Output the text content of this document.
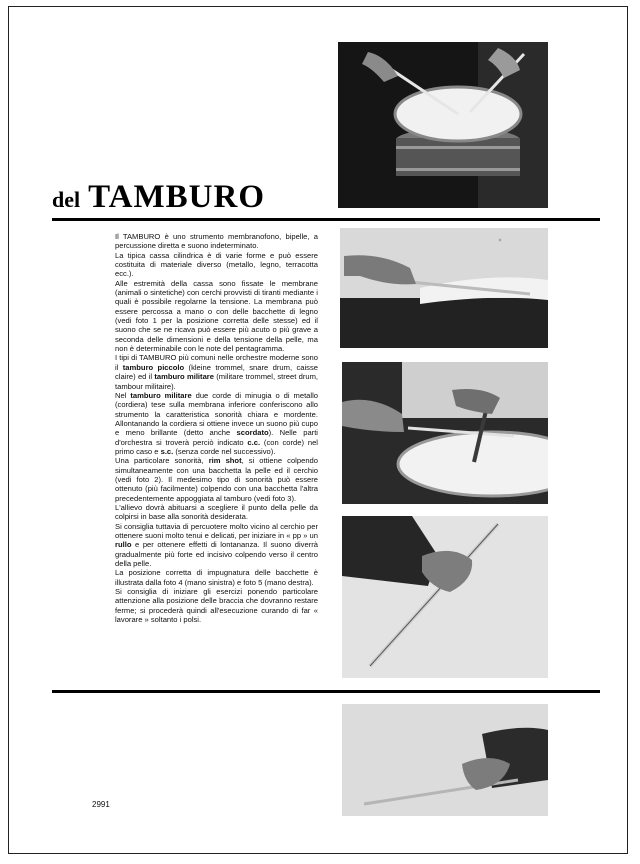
del TAMBURO

Il TAMBURO è uno strumento membranofono, bipelle, a percussione diretta e suono indeterminato.

La tipica cassa cilindrica è di varie forme e può essere costituita di materiale diverso (metallo, legno, terracotta ecc.).

Alle estremità della cassa sono fissate le membrane (animali o sintetiche) con cerchi provvisti di tiranti mediante i quali è possibile regolarne la tensione. La membrana può essere percossa a mano o con delle bacchette di legno (vedi foto 1 per la posizione corretta delle stesse) ed il suono che se ne ricava può essere più acuto o più grave a seconda delle dimensioni e della tensione della pelle, ma non è determinabile con le note del pentagramma.

I tipi di TAMBURO più comuni nelle orchestre moderne sono il tamburo piccolo (kleine trommel, snare drum, caisse claire) ed il tamburo militare (militare trommel, street drum, tambour militaire).

Nel tamburo militare due corde di minugia o di metallo (cordiera) tese sulla membrana inferiore conferiscono allo strumento la caratteristica sonorità chiara e mordente. Allontanando la cordiera si ottiene invece un suono più cupo e meno brillante (detto anche scordato). Nelle parti d'orchestra si troverà perciò indicato c.c. (con corde) nel primo caso e s.c. (senza corde nel successivo).

Una particolare sonorità, rim shot, si ottiene colpendo simultaneamente con una bacchetta la pelle ed il cerchio (vedi foto 2). Il medesimo tipo di sonorità può essere ottenuto (più facilmente) colpendo con una bacchetta l'altra precedentemente appoggiata al tamburo (vedi foto 3).

L'allievo dovrà abituarsi a scegliere il punto della pelle da colpirsi in base alla sonorità desiderata.

Si consiglia tuttavia di percuotere molto vicino al cerchio per ottenere suoni molto tenui e delicati, per iniziare in « pp » un rullo e per ottenere effetti di lontananza. Il suono diverrà gradualmente più forte ed incisivo colpendo verso il centro della pelle.

La posizione corretta di impugnatura delle bacchette è illustrata dalla foto 4 (mano sinistra) e foto 5 (mano destra).

Si consiglia di iniziare gli esercizi ponendo particolare attenzione alla posizione delle braccia che dovranno restare ferme; si procederà quindi all'esecuzione curando di far « lavorare » soltanto i polsi.

2991
